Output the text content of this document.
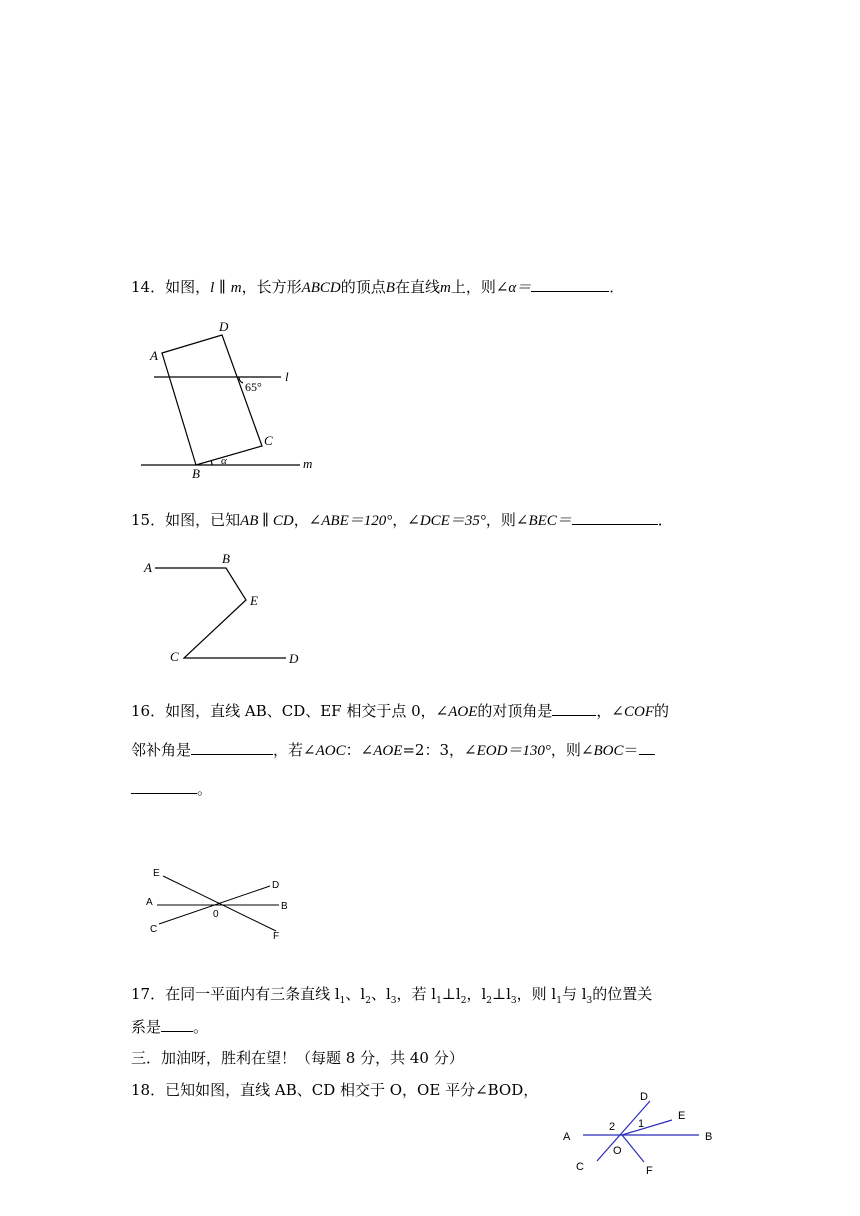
14．如图，l ∥ m，长方形ABCD的顶点B在直线m上，则∠α＝	．
D
A
l
65°
C
α	m
B
15．如图，已知AB ∥ CD，∠ABE＝120°，∠DCE＝35°，则∠BEC＝	．
A
B
E
C	D
16．如图，直线 AB、CD、EF 相交于点 0，∠AOE的对顶角是	，∠COF的
邻补角是	，若∠AOC：∠AOE=2：3，∠EOD＝130°，则∠BOC＝
。
E
D
A	B
0
C
F
17．在同一平面内有三条直线 $l_1$、$l_2$、$l_3$，若 $l_1\perp l_2$，$l_2\perp l_3$，则 $l_1$与 $l_3$的位置关
系是 。
三．加油呀，胜利在望！（每题 8 分，共 40 分）
18．已知如图，直线 AB、CD 相交于 O，OE 平分∠BOD，	D
E
1
2
A	B
O
C	F
